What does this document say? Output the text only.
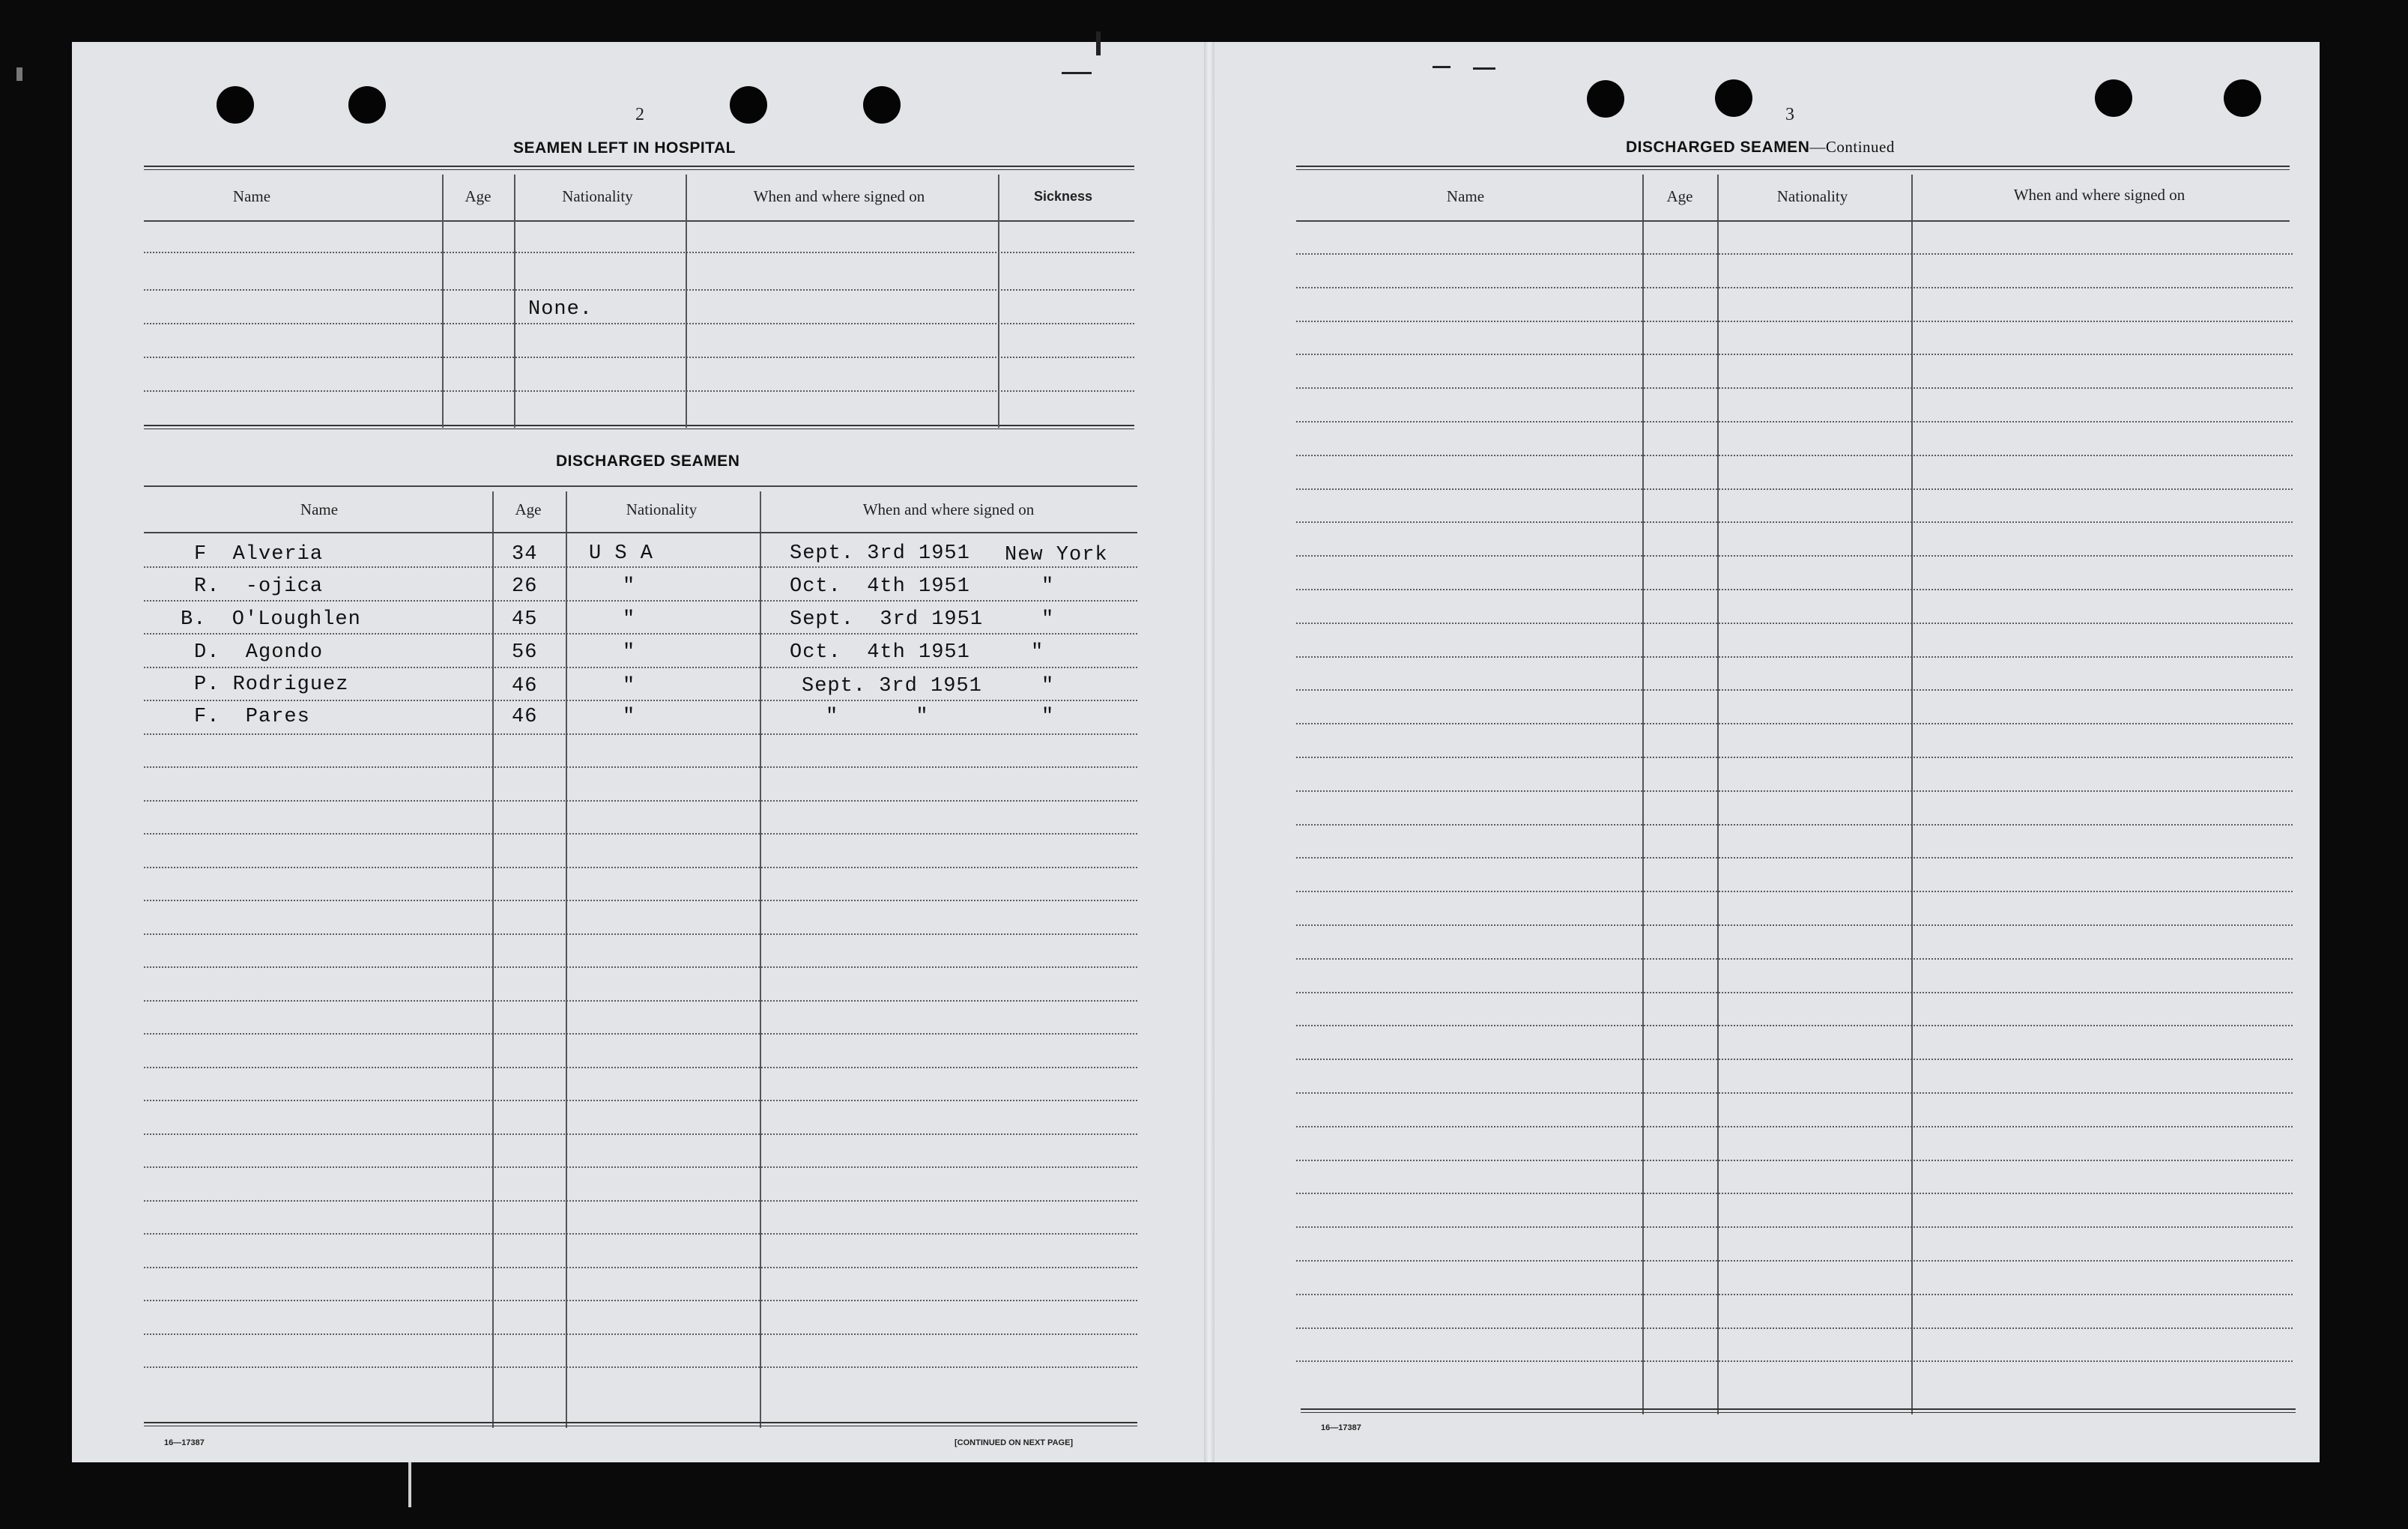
2
SEAMEN LEFT IN HOSPITAL
Name	Age	Nationality	When and where signed on	Sickness
None.
DISCHARGED SEAMEN
Name	Age	Nationality	When and where signed on
F  Alveria	34	U S A	Sept. 3rd 1951 New York
R.  -ojica	26	"	Oct.  4th 1951	"
B.  O'Loughlen	45	"	Sept.  3rd 1951	"
D.  Agondo	56	"	Oct.  4th 1951	"
P. Rodriguez	46	"	Sept. 3rd 1951	"
F.  Pares	46	"	"      "	"
16—17387	[CONTINUED ON NEXT PAGE]
3
DISCHARGED SEAMEN—Continued
Name	Age	Nationality	When and where signed on
16—17387
